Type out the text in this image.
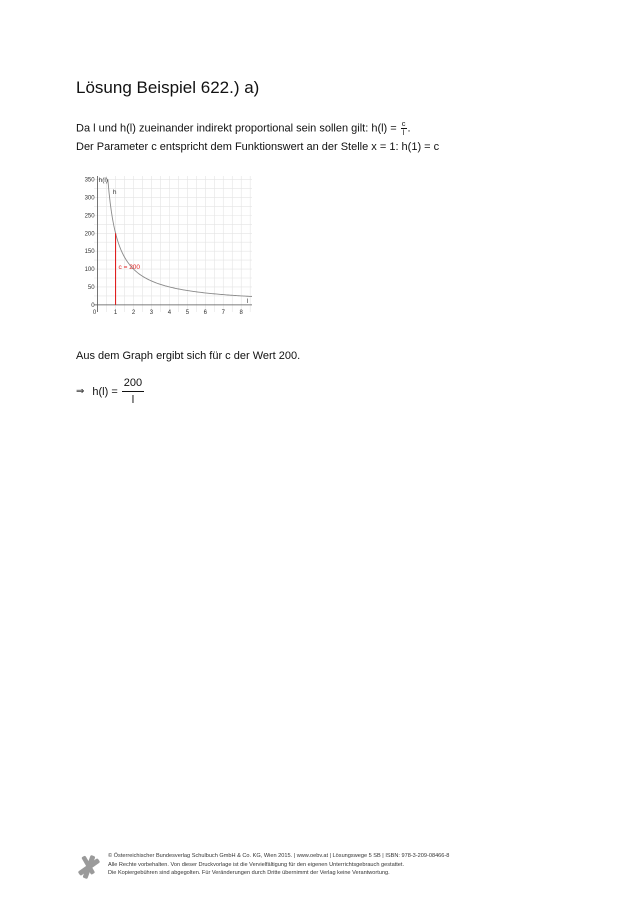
Lösung Beispiel 622.) a)
Da l und h(l) zueinander indirekt proportional sein sollen gilt: $h(l) = \frac{c}{l}$ .
Der Parameter c entspricht dem Funktionswert an der Stelle x = 1: h(1) = c
0	1 2 3 4 5 6 7 8
0
50
100
150
200
250
300
350 h(l)
l
h
c = 200
Aus dem Graph ergibt sich für c der Wert 200.
⇒ $h(l) = \frac{200}{l}$
© Österreichischer Bundesverlag Schulbuch GmbH & Co. KG, Wien 2015. | www.oebv.at | Lösungswege 5 SB | ISBN: 978-3-209-08466-8
Alle Rechte vorbehalten. Von dieser Druckvorlage ist die Vervielfältigung für den eigenen Unterrichtsgebrauch gestattet.
Die Kopiergebühren sind abgegolten. Für Veränderungen durch Dritte übernimmt der Verlag keine Verantwortung.
